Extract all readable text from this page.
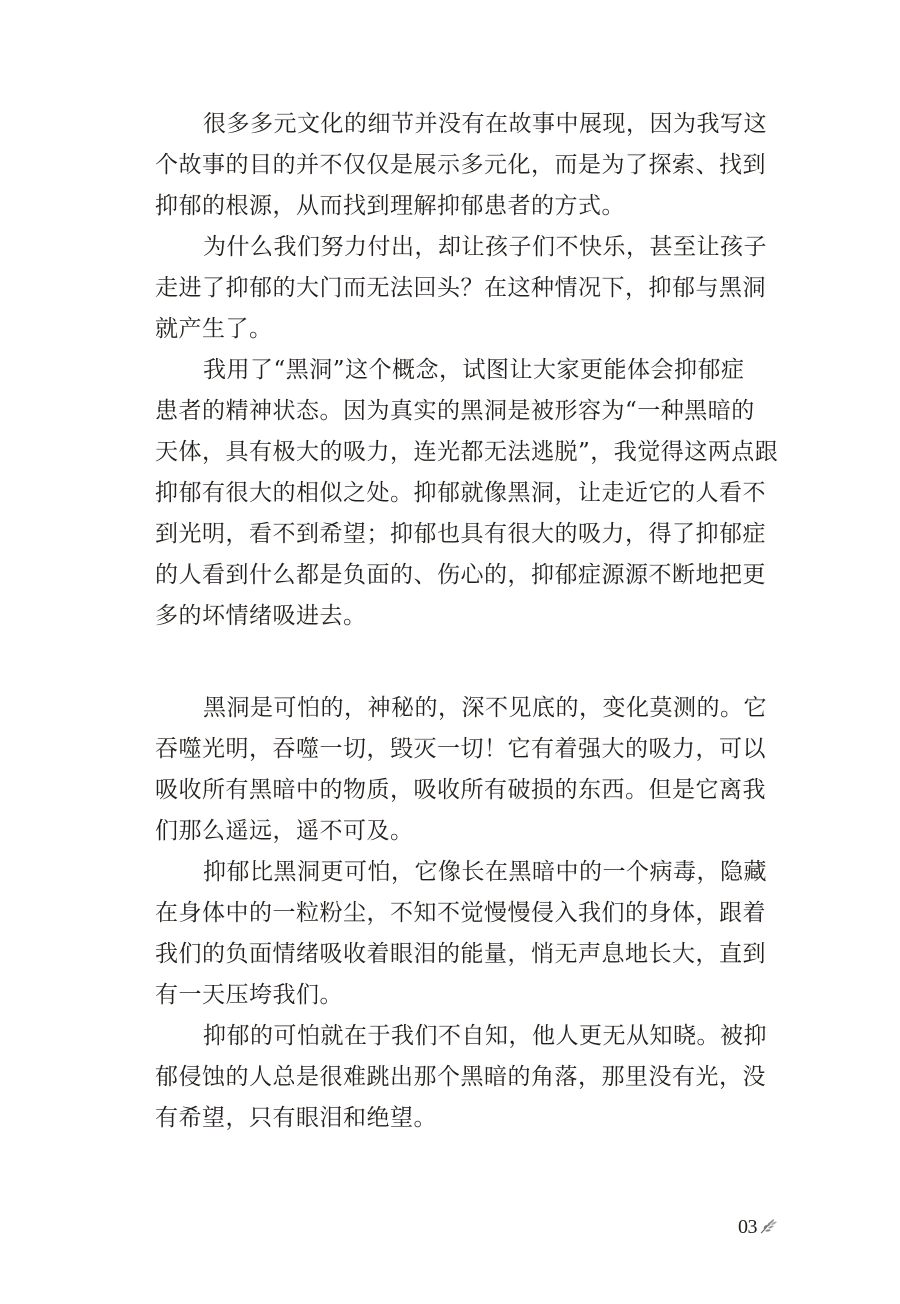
很多多元文化的细节并没有在故事中展现，因为我写这
个故事的目的并不仅仅是展示多元化，而是为了探索、找到
抑郁的根源，从而找到理解抑郁患者的方式。
为什么我们努力付出，却让孩子们不快乐，甚至让孩子
走进了抑郁的大门而无法回头？在这种情况下，抑郁与黑洞
就产生了。
我用了“黑洞”这个概念，试图让大家更能体会抑郁症
患者的精神状态。因为真实的黑洞是被形容为“一种黑暗的
天体，具有极大的吸力，连光都无法逃脱”，我觉得这两点跟
抑郁有很大的相似之处。抑郁就像黑洞，让走近它的人看不
到光明，看不到希望；抑郁也具有很大的吸力，得了抑郁症
的人看到什么都是负面的、伤心的，抑郁症源源不断地把更
多的坏情绪吸进去。
黑洞是可怕的，神秘的，深不见底的，变化莫测的。它
吞噬光明，吞噬一切，毁灭一切！它有着强大的吸力，可以
吸收所有黑暗中的物质，吸收所有破损的东西。但是它离我
们那么遥远，遥不可及。
抑郁比黑洞更可怕，它像长在黑暗中的一个病毒，隐藏
在身体中的一粒粉尘，不知不觉慢慢侵入我们的身体，跟着
我们的负面情绪吸收着眼泪的能量，悄无声息地长大，直到
有一天压垮我们。
抑郁的可怕就在于我们不自知，他人更无从知晓。被抑
郁侵蚀的人总是很难跳出那个黑暗的角落，那里没有光，没
有希望，只有眼泪和绝望。
03
